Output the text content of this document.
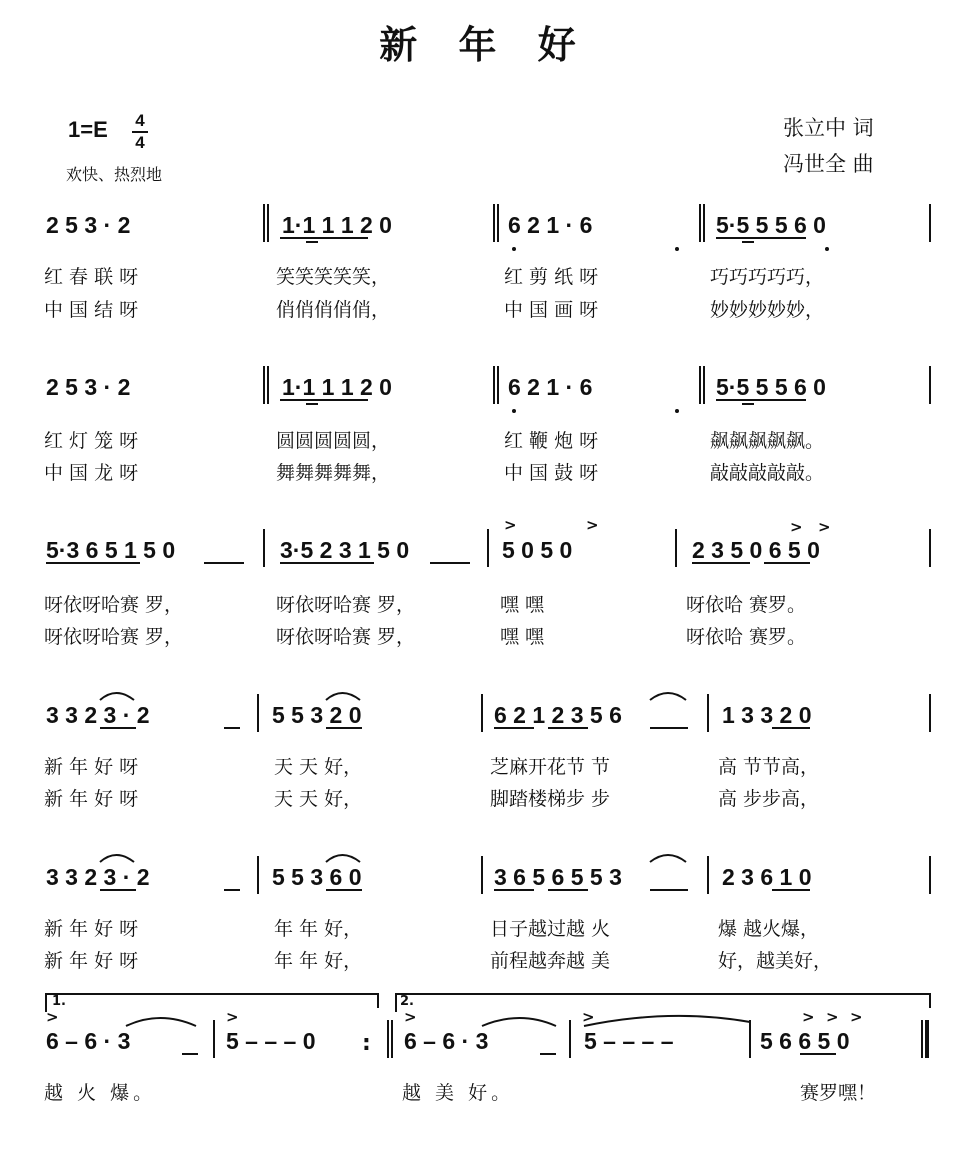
新 年 好
1=E 4
4
欢快、热烈地
张立中 词
冯世全 曲
2 5 3 · 2	1·1 1 1 2 0	6 2 1 · 6	5·5 5 5 6 0
红 春 联 呀	笑笑笑笑笑，	红 剪 纸 呀	巧巧巧巧巧，
中 国 结 呀	俏俏俏俏俏，	中 国 画 呀	妙妙妙妙妙，
2 5 3 · 2	1·1 1 1 2 0	6 2 1 · 6	5·5 5 5 6 0
红 灯 笼 呀	圆圆圆圆圆，	红 鞭 炮 呀	飙飙飙飙飙。
中 国 龙 呀	舞舞舞舞舞，	中 国 鼓 呀	敲敲敲敲敲。
5·3 6 5 1 5 0	3·5 2 3 1 5 0	5 0 5 0	2 3 5 0 6 5 0
呀依呀哈赛 罗，	呀依呀哈赛 罗，	嘿 嘿	呀依哈 赛罗。
呀依呀哈赛 罗，	呀依呀哈赛 罗，	嘿 嘿	呀依哈 赛罗。
3 3 2 3 · 2	5 5 3 2 0	6 2 1 2 3 5 6	1 3 3 2 0
新 年 好 呀	天 天 好，	芝麻开花节 节	高 节节高，
新 年 好 呀	天 天 好，	脚踏楼梯步 步	高 步步高，
3 3 2 3 · 2	5 5 3 6 0	3 6 5 6 5 5 3	2 3 6 1 0
新 年 好 呀	年 年 好，	日子越过越 火	爆 越火爆，
新 年 好 呀	年 年 好，	前程越奔越 美	好，越美好，
1.	2.
6 – 6 · 3	5 – – – 0	6 – 6 · 3	5 – – – –	5 6 6 5 0
越 火 爆。	越 美 好。	赛罗嘿！
>	>	> >
>	>	>	>	> > >
:
